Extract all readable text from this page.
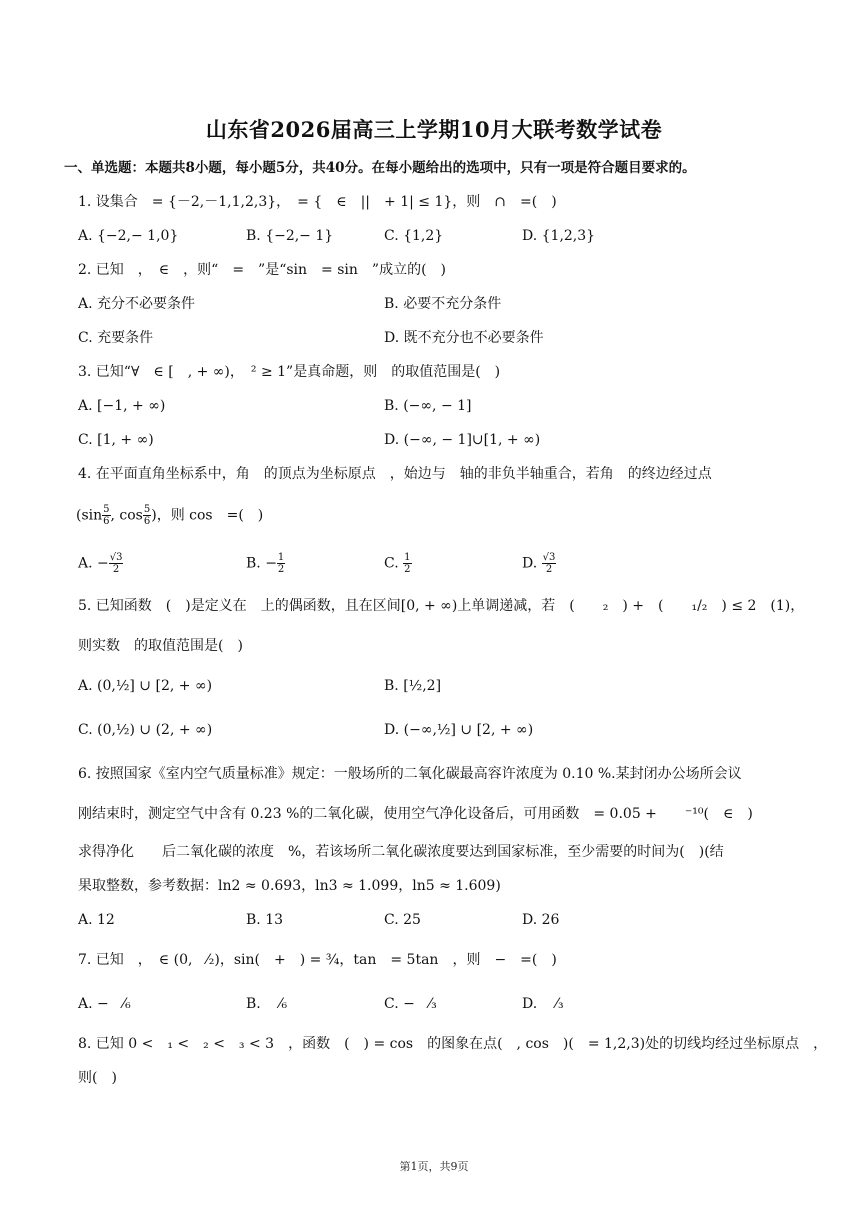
山东省2026届高三上学期10月大联考数学试卷
一、单选题：本题共8小题，每小题5分，共40分。在每小题给出的选项中，只有一项是符合题目要求的。
1. 设集合　= {－2,－1,1,2,3}，　= {　∈　||　+ 1| ≤ 1}，则　∩　=(　)
A. {−2,− 1,0}	B. {−2,− 1}	C. {1,2}	D. {1,2,3}
2. 已知　，　∈　，则“　=　”是“sin　= sin　”成立的(　)
A. 充分不必要条件	B. 必要不充分条件
C. 充要条件	D. 既不充分也不必要条件
3. 已知“∀　∈ [　, + ∞)，　² ≥ 1”是真命题，则　的取值范围是(　)
A. [−1, + ∞)	B. (−∞, − 1]
C. [1, + ∞)	D. (−∞, − 1]∪[1, + ∞)
4. 在平面直角坐标系中，角　的顶点为坐标原点　，始边与　轴的非负半轴重合，若角　的终边经过点
($\sin \frac{5}{6}$ , $\cos \frac{5}{6}$ )，则 cos　=(　)
A. − $\frac{√3}{2}$	B. − $\frac{1}{2}$	C. $\frac{1}{2}$	D. $\frac{√3}{2}$
5. 已知函数　(　)是定义在　上的偶函数，且在区间[0, + ∞)上单调递减，若　(　　₂　) +　(　　₁/₂　) ≤ 2　(1)，
则实数　的取值范围是(　)
A. (0,½] ∪ [2, + ∞)	B. [½,2]
C. (0,½) ∪ (2, + ∞)	D. (−∞,½] ∪ [2, + ∞)
6. 按照国家《室内空气质量标准》规定：一般场所的二氧化碳最高容许浓度为 0.10 %.某封闭办公场所会议
刚结束时，测定空气中含有 0.23 %的二氧化碳，使用空气净化设备后，可用函数　= 0.05 +　　⁻¹⁰(　∈　)
求得净化　　后二氧化碳的浓度　%，若该场所二氧化碳浓度要达到国家标准，至少需要的时间为(　)(结
果取整数，参考数据：ln2 ≈ 0.693，ln3 ≈ 1.099，ln5 ≈ 1.609)
A. 12	B. 13	C. 25	D. 26
7. 已知　，　∈ (0,　⁄₂)，sin(　+　) = ¾，tan　= 5tan　，则　−　=(　)
A. −　⁄₆	B. 　⁄₆	C. −　⁄₃	D. 　⁄₃
8. 已知 0 <　₁ <　₂ <　₃ < 3　，函数　(　) = cos　的图象在点(　, cos　)(　= 1,2,3)处的切线均经过坐标原点　，
则(　)
第1页，共9页
